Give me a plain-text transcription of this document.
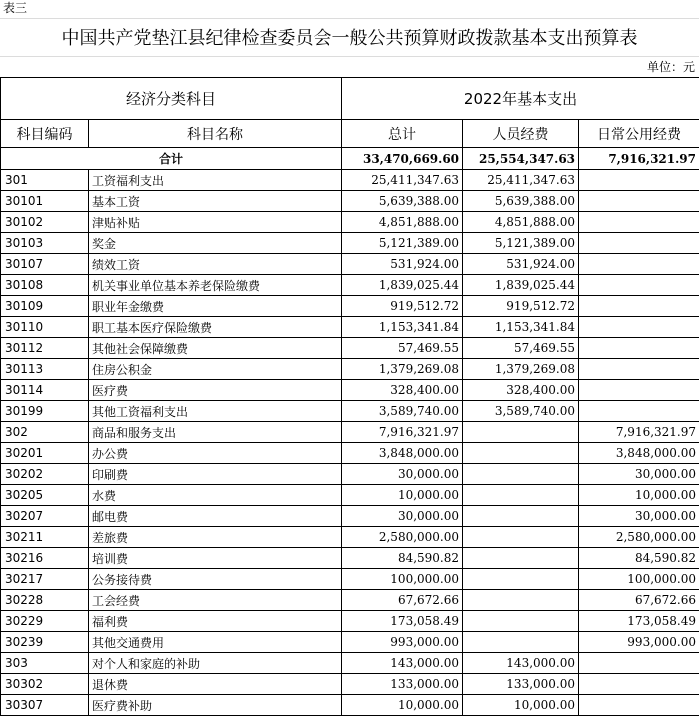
表三
中国共产党垫江县纪律检查委员会一般公共预算财政拨款基本支出预算表
单位：元
经济分类科目		2022年基本支出		
科目编码	科目名称	总计	人员经费	日常公用经费
合计		33,470,669.60	25,554,347.63	7,916,321.97
301	工资福利支出	25,411,347.63	25,411,347.63	
30101	基本工资	5,639,388.00	5,639,388.00	
30102	津贴补贴	4,851,888.00	4,851,888.00	
30103	奖金	5,121,389.00	5,121,389.00	
30107	绩效工资	531,924.00	531,924.00	
30108	机关事业单位基本养老保险缴费	1,839,025.44	1,839,025.44	
30109	职业年金缴费	919,512.72	919,512.72	
30110	职工基本医疗保险缴费	1,153,341.84	1,153,341.84	
30112	其他社会保障缴费	57,469.55	57,469.55	
30113	住房公积金	1,379,269.08	1,379,269.08	
30114	医疗费	328,400.00	328,400.00	
30199	其他工资福利支出	3,589,740.00	3,589,740.00	
302	商品和服务支出	7,916,321.97		7,916,321.97
30201	办公费	3,848,000.00		3,848,000.00
30202	印刷费	30,000.00		30,000.00
30205	水费	10,000.00		10,000.00
30207	邮电费	30,000.00		30,000.00
30211	差旅费	2,580,000.00		2,580,000.00
30216	培训费	84,590.82		84,590.82
30217	公务接待费	100,000.00		100,000.00
30228	工会经费	67,672.66		67,672.66
30229	福利费	173,058.49		173,058.49
30239	其他交通费用	993,000.00		993,000.00
303	对个人和家庭的补助	143,000.00	143,000.00	
30302	退休费	133,000.00	133,000.00	
30307	医疗费补助	10,000.00	10,000.00	
